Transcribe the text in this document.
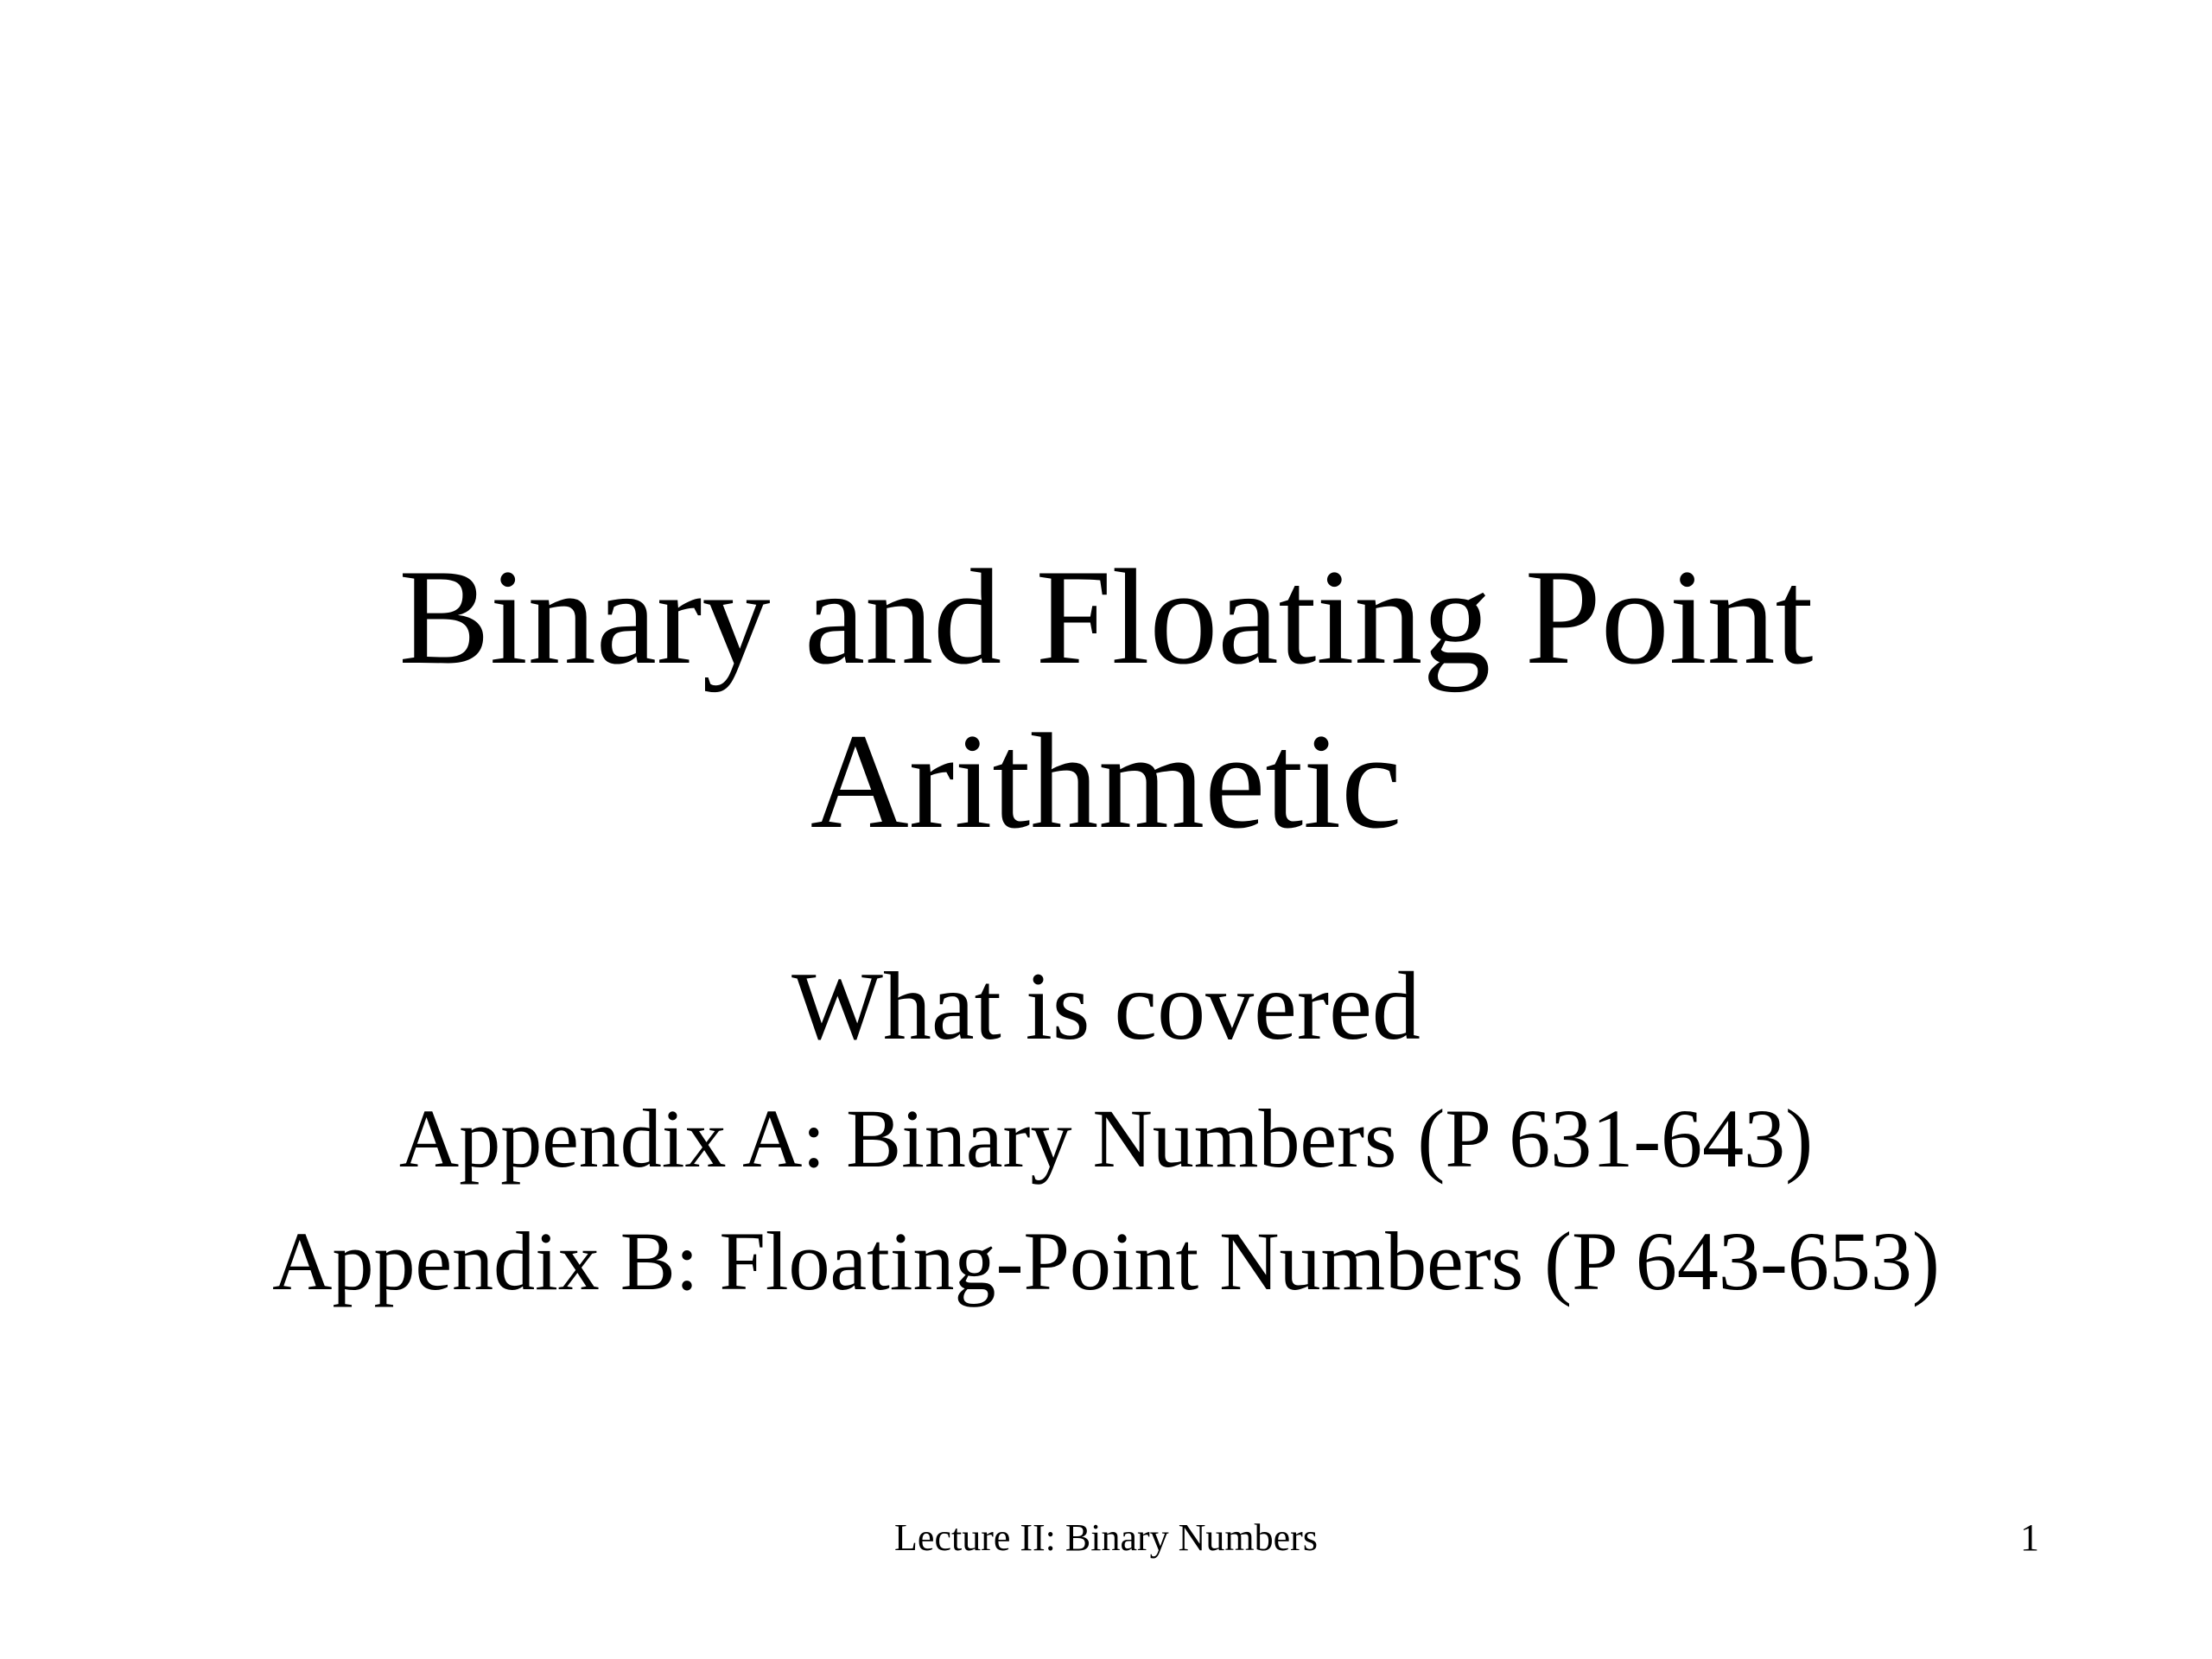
Binary and Floating Point
Arithmetic
What is covered
Appendix A: Binary Numbers (P 631-643)
Appendix B: Floating-Point Numbers (P 643-653)
Lecture II: Binary Numbers	1
